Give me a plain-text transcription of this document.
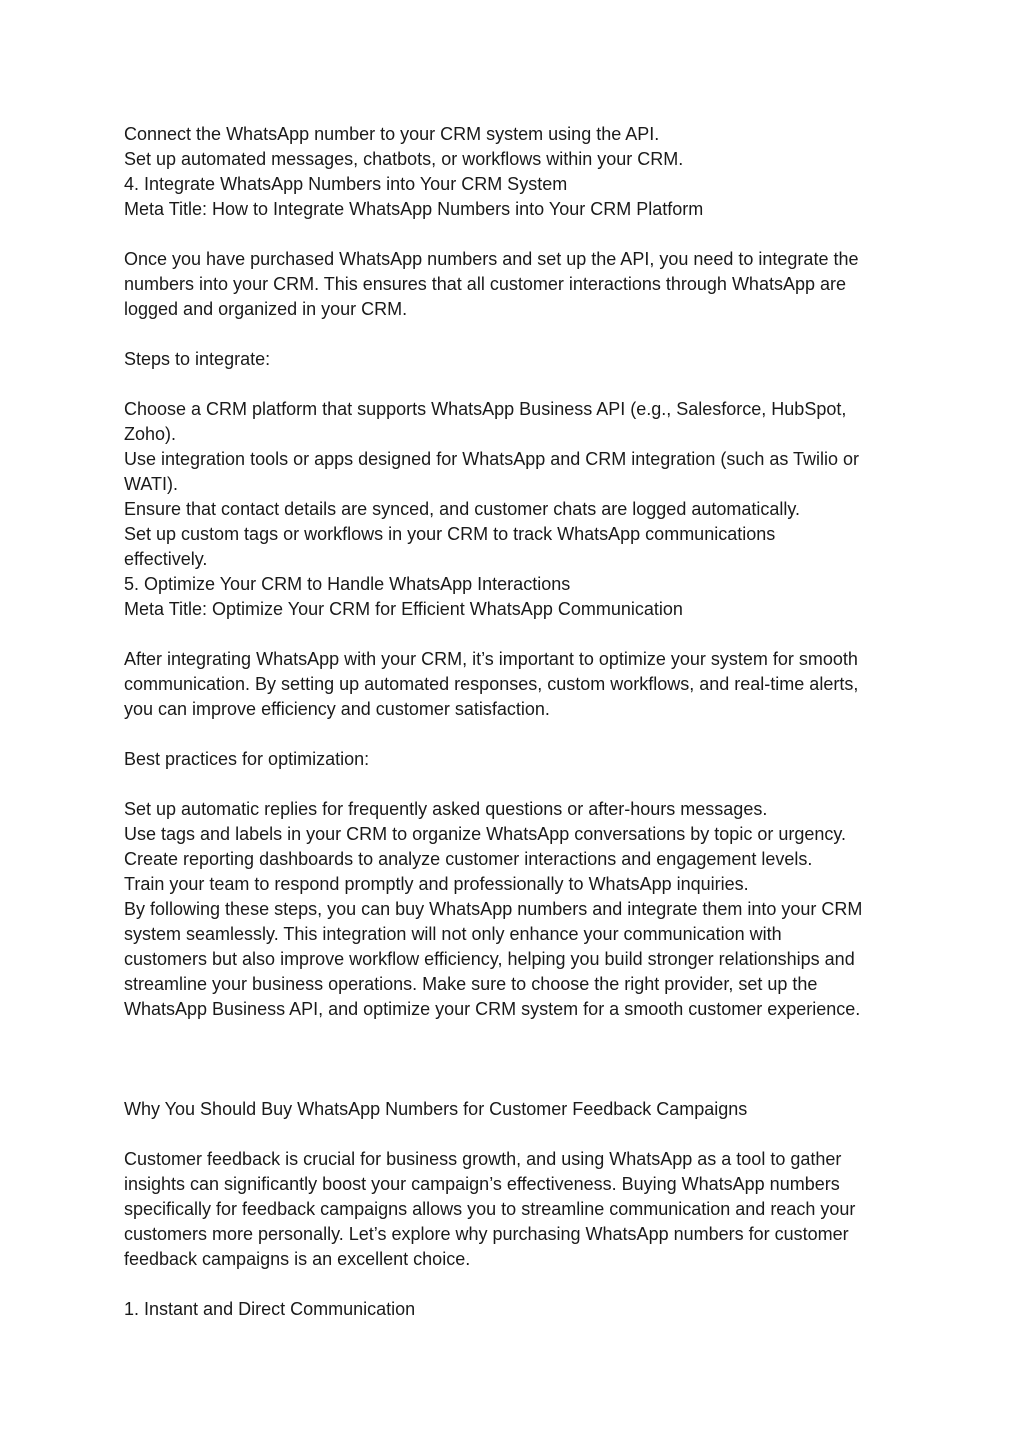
Connect the WhatsApp number to your CRM system using the API.
Set up automated messages, chatbots, or workflows within your CRM.
4. Integrate WhatsApp Numbers into Your CRM System
Meta Title: How to Integrate WhatsApp Numbers into Your CRM Platform
Once you have purchased WhatsApp numbers and set up the API, you need to integrate the
numbers into your CRM. This ensures that all customer interactions through WhatsApp are
logged and organized in your CRM.
Steps to integrate:
Choose a CRM platform that supports WhatsApp Business API (e.g., Salesforce, HubSpot,
Zoho).
Use integration tools or apps designed for WhatsApp and CRM integration (such as Twilio or
WATI).
Ensure that contact details are synced, and customer chats are logged automatically.
Set up custom tags or workflows in your CRM to track WhatsApp communications
effectively.
5. Optimize Your CRM to Handle WhatsApp Interactions
Meta Title: Optimize Your CRM for Efficient WhatsApp Communication
After integrating WhatsApp with your CRM, it’s important to optimize your system for smooth
communication. By setting up automated responses, custom workflows, and real-time alerts,
you can improve efficiency and customer satisfaction.
Best practices for optimization:
Set up automatic replies for frequently asked questions or after-hours messages.
Use tags and labels in your CRM to organize WhatsApp conversations by topic or urgency.
Create reporting dashboards to analyze customer interactions and engagement levels.
Train your team to respond promptly and professionally to WhatsApp inquiries.
By following these steps, you can buy WhatsApp numbers and integrate them into your CRM
system seamlessly. This integration will not only enhance your communication with
customers but also improve workflow efficiency, helping you build stronger relationships and
streamline your business operations. Make sure to choose the right provider, set up the
WhatsApp Business API, and optimize your CRM system for a smooth customer experience.
Why You Should Buy WhatsApp Numbers for Customer Feedback Campaigns
Customer feedback is crucial for business growth, and using WhatsApp as a tool to gather
insights can significantly boost your campaign’s effectiveness. Buying WhatsApp numbers
specifically for feedback campaigns allows you to streamline communication and reach your
customers more personally. Let’s explore why purchasing WhatsApp numbers for customer
feedback campaigns is an excellent choice.
1. Instant and Direct Communication
